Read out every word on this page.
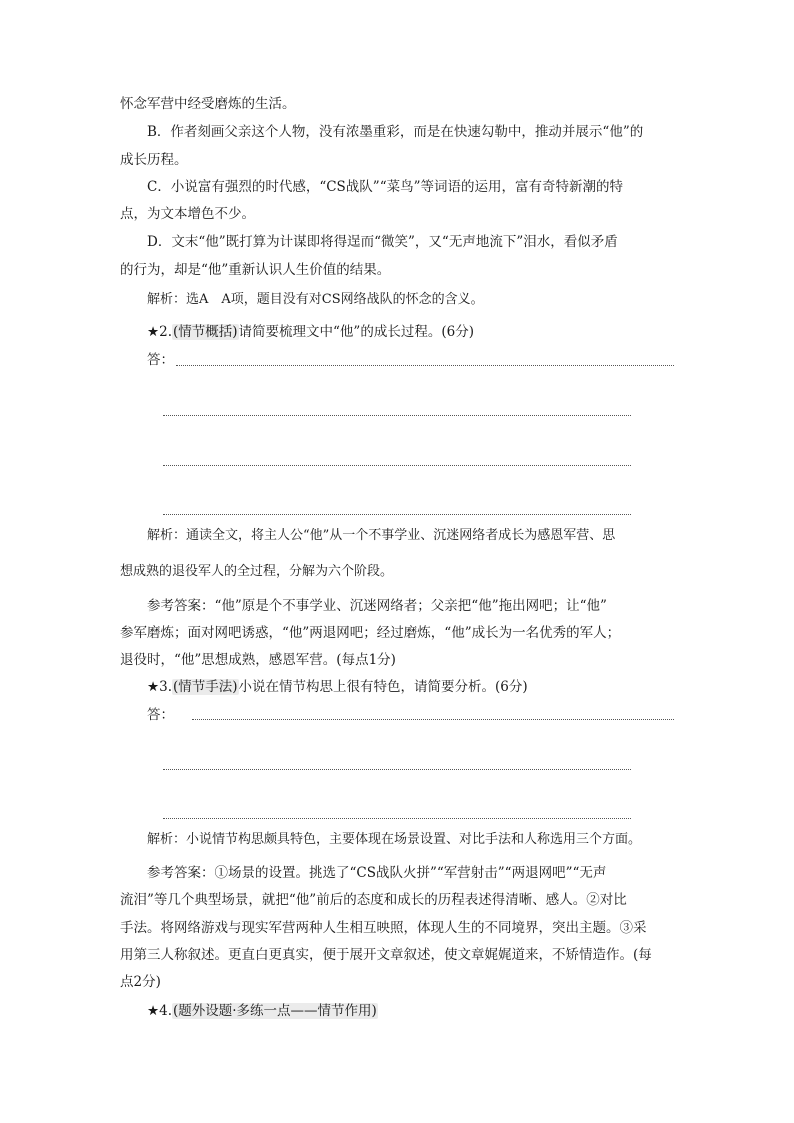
怀念军营中经受磨炼的生活。
B．作者刻画父亲这个人物，没有浓墨重彩，而是在快速勾勒中，推动并展示“他”的
成长历程。
C．小说富有强烈的时代感，“CS战队”“菜鸟”等词语的运用，富有奇特新潮的特
点，为文本增色不少。
D．文末“他”既打算为计谋即将得逞而“微笑”，又“无声地流下”泪水，看似矛盾
的行为，却是“他”重新认识人生价值的结果。
解析：选A　A项，题目没有对CS网络战队的怀念的含义。
★2.(情节概括)请简要梳理文中“他”的成长过程。(6分)
答：
解析：通读全文，将主人公“他”从一个不事学业、沉迷网络者成长为感恩军营、思
想成熟的退役军人的全过程，分解为六个阶段。
参考答案：“他”原是个不事学业、沉迷网络者；父亲把“他”拖出网吧；让“他”
参军磨炼；面对网吧诱惑，“他”两退网吧；经过磨炼，“他”成长为一名优秀的军人；
退役时，“他”思想成熟，感恩军营。(每点1分)
★3.(情节手法)小说在情节构思上很有特色，请简要分析。(6分)
答：
解析：小说情节构思颇具特色，主要体现在场景设置、对比手法和人称选用三个方面。
参考答案：①场景的设置。挑选了“CS战队火拼”“军营射击”“两退网吧”“无声
流泪”等几个典型场景，就把“他”前后的态度和成长的历程表述得清晰、感人。②对比
手法。将网络游戏与现实军营两种人生相互映照，体现人生的不同境界，突出主题。③采
用第三人称叙述。更直白更真实，便于展开文章叙述，使文章娓娓道来，不矫情造作。(每
点2分)
★4.(题外设题·多练一点——情节作用)
